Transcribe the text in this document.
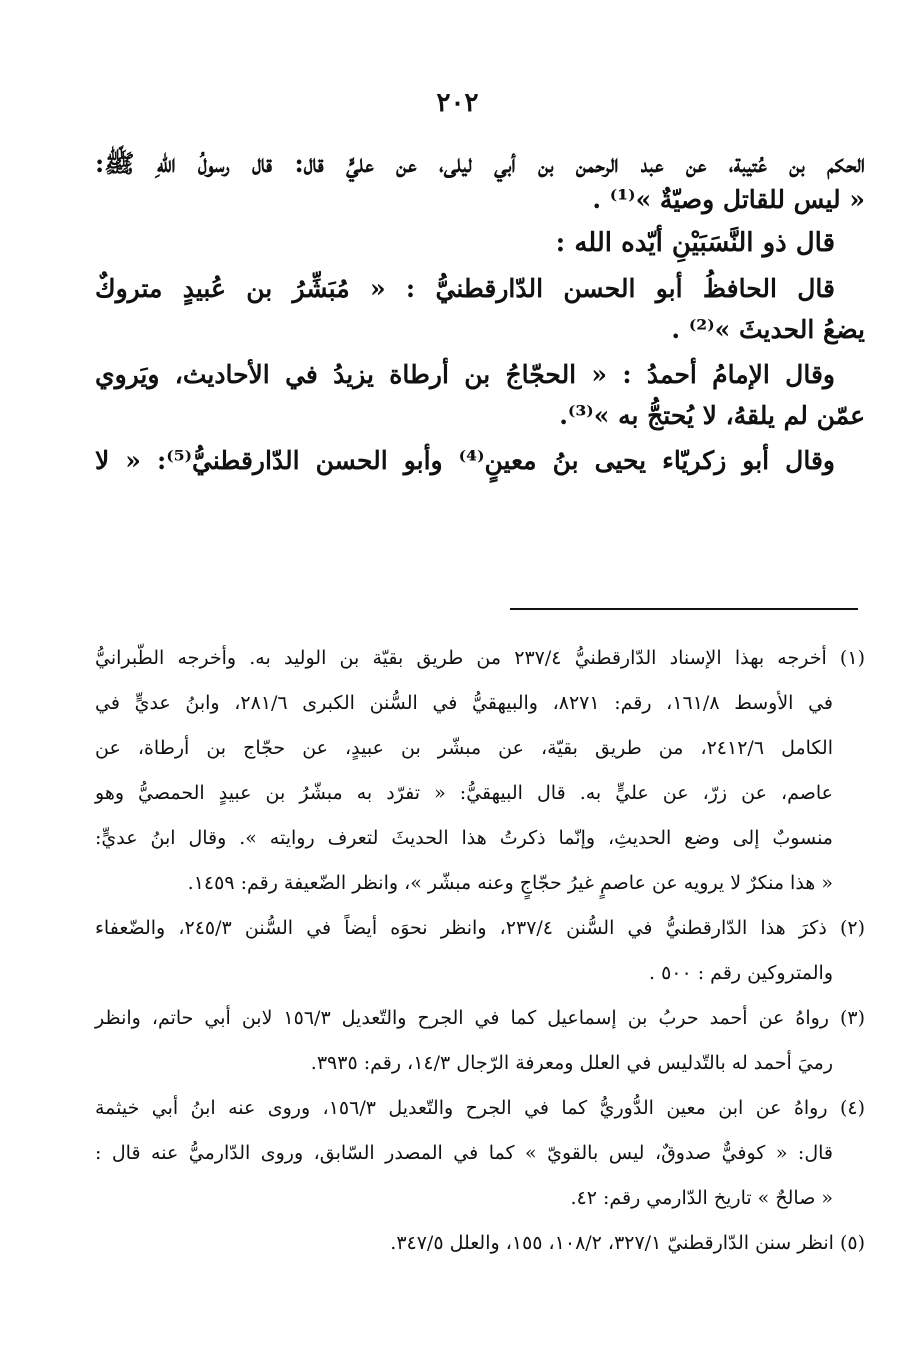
٢٠٢

الحكم بن عُتيبة، عن عبد الرحمن بن أبي ليلى، عن عليٍّ قال: قال رسولُ اللهِ ﷺ:

« ليس للقاتل وصيّةٌ »⁽¹⁾ .

قال ذو النَّسَبَيْنِ أيّده الله :

قال الحافظُ أبو الحسن الدّارقطنيُّ : « مُبَشِّرُ بن عُبيدٍ متروكٌ

يضعُ الحديثَ »⁽²⁾ .

وقال الإمامُ أحمدُ : « الحجّاجُ بن أرطاة يزيدُ في الأحاديث، ويَروي

عمّن لم يلقهُ، لا يُحتجُّ به »⁽³⁾.

وقال أبو زكريّاء يحيى بنُ معينٍ⁽⁴⁾ وأبو الحسن الدّارقطنيُّ⁽⁵⁾: « لا

(١) أخرجه بهذا الإسناد الدّارقطنيُّ ٢٣٧/٤ من طريق بقيّة بن الوليد به. وأخرجه الطّبرانيُّ

في الأوسط ١٦١/٨، رقم: ٨٢٧١، والبيهقيُّ في السُّنن الكبرى ٢٨١/٦، وابنُ عديٍّ في

الكامل ٢٤١٢/٦، من طريق بقيّة، عن مبشّر بن عبيدٍ، عن حجّاج بن أرطاة، عن

عاصم، عن زرّ، عن عليٍّ به. قال البيهقيُّ: « تفرّد به مبشّرُ بن عبيدٍ الحمصيُّ وهو

منسوبٌ إلى وضع الحديثِ، وإنّما ذكرتُ هذا الحديثَ لتعرف روايته ». وقال ابنُ عديٍّ:

« هذا منكرٌ لا يرويه عن عاصمٍ غيرُ حجّاجٍ وعنه مبشّر »، وانظر الضّعيفة رقم: ١٤٥٩.

(٢) ذكرَ هذا الدّارقطنيُّ في السُّنن ٢٣٧/٤، وانظر نحوَه أيضاً في السُّنن ٢٤٥/٣، والضّعفاء

والمتروكين رقم : ٥٠٠ .

(٣) رواهُ عن أحمد حربُ بن إسماعيل كما في الجرح والتّعديل ١٥٦/٣ لابن أبي حاتم، وانظر

رميَ أحمد له بالتّدليس في العلل ومعرفة الرّجال ١٤/٣، رقم: ٣٩٣٥.

(٤) رواهُ عن ابن معين الدُّوريُّ كما في الجرح والتّعديل ١٥٦/٣، وروى عنه ابنُ أبي خيثمة

قال: « كوفيٌّ صدوقٌ، ليس بالقويّ » كما في المصدر السّابق، وروى الدّارميُّ عنه قال :

« صالحٌ » تاريخ الدّارمي رقم: ٤٢.

(٥) انظر سنن الدّارقطنيّ ٣٢٧/١، ١٠٨/٢، ١٥٥، والعلل ٣٤٧/٥.
